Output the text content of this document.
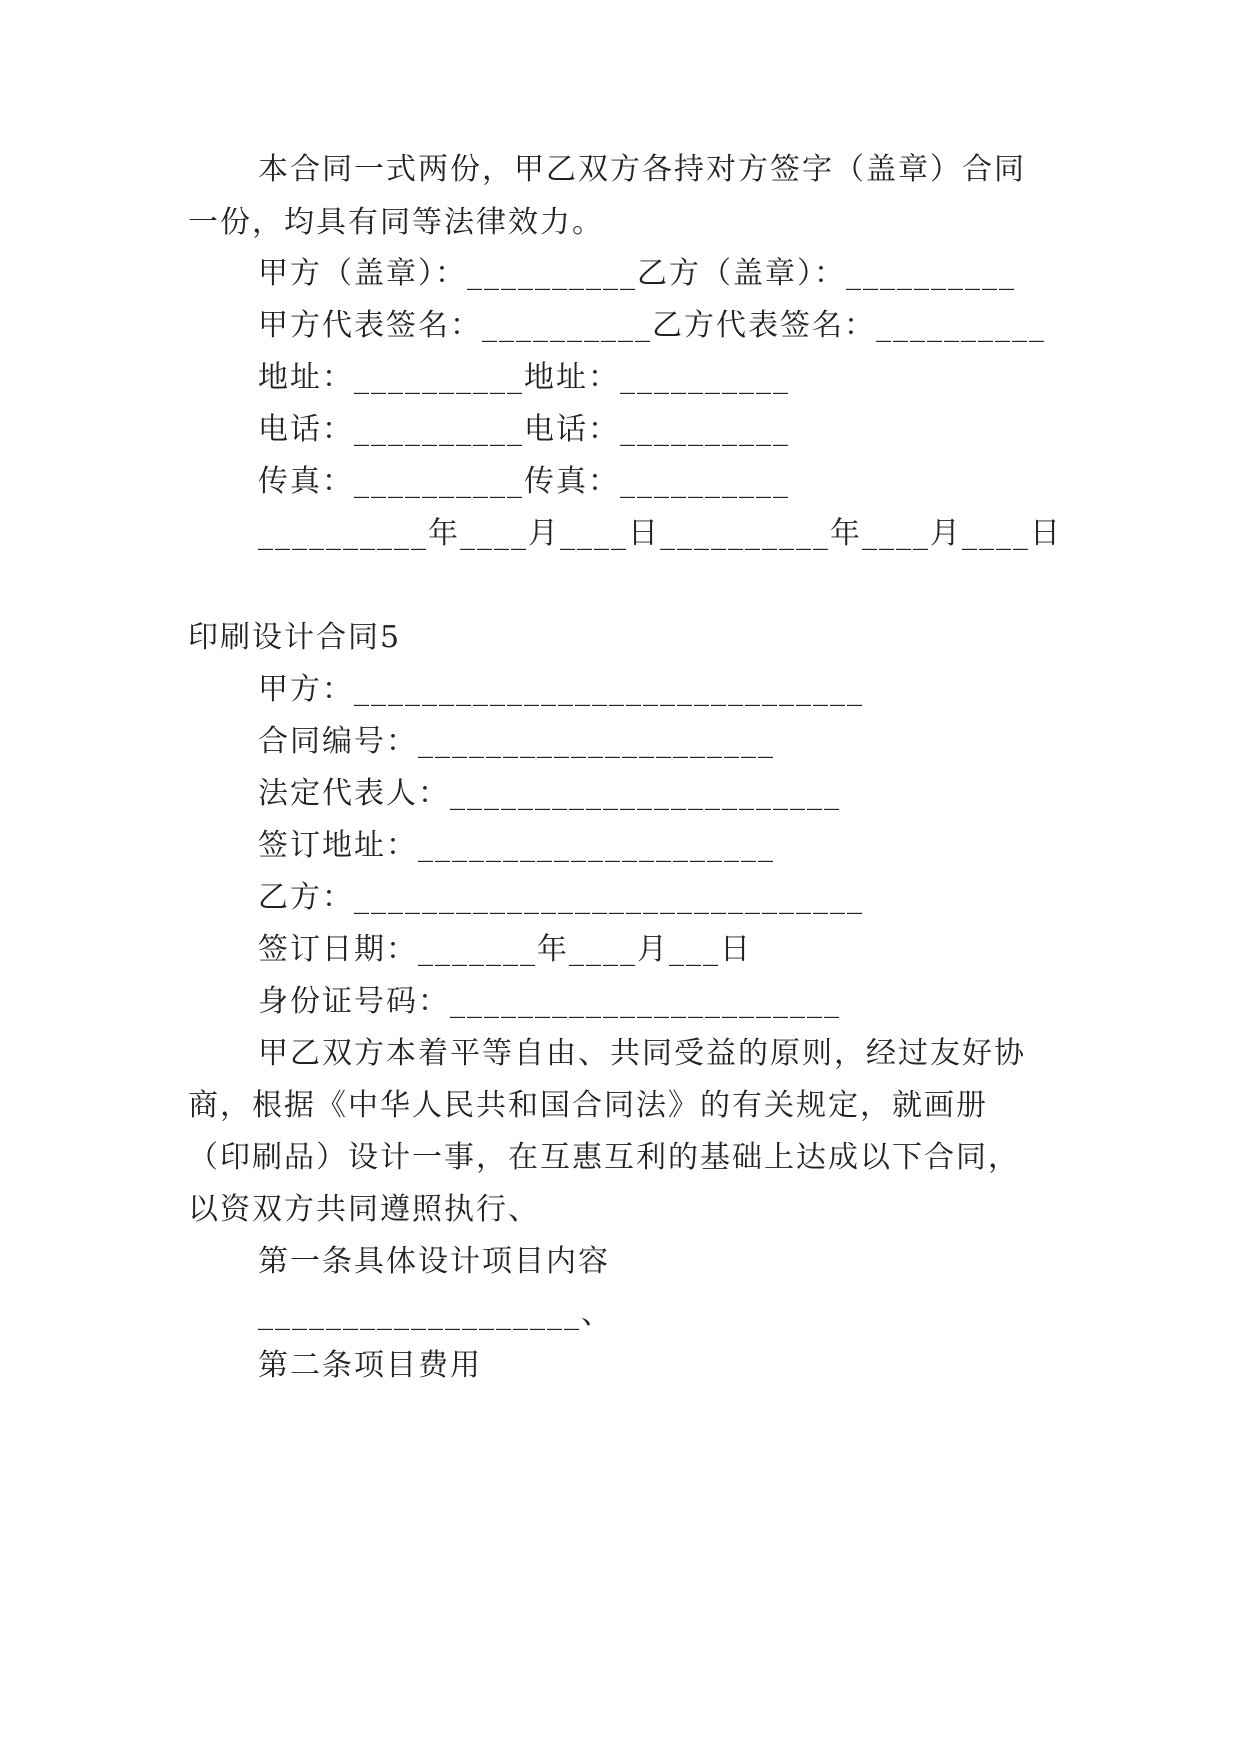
本合同一式两份，甲乙双方各持对方签字（盖章）合同
一份，均具有同等法律效力。
甲方（盖章）：__________乙方（盖章）：__________
甲方代表签名：__________乙方代表签名：__________
地址：__________地址：__________
电话：__________电话：__________
传真：__________传真：__________
__________年____月____日__________年____月____日
印刷设计合同5
甲方：______________________________
合同编号：_____________________
法定代表人：_______________________
签订地址：_____________________
乙方：______________________________
签订日期：_______年____月___日
身份证号码：_______________________
甲乙双方本着平等自由、共同受益的原则，经过友好协
商，根据《中华人民共和国合同法》的有关规定，就画册
（印刷品）设计一事，在互惠互利的基础上达成以下合同，
以资双方共同遵照执行、
第一条具体设计项目内容
___________________、
第二条项目费用
